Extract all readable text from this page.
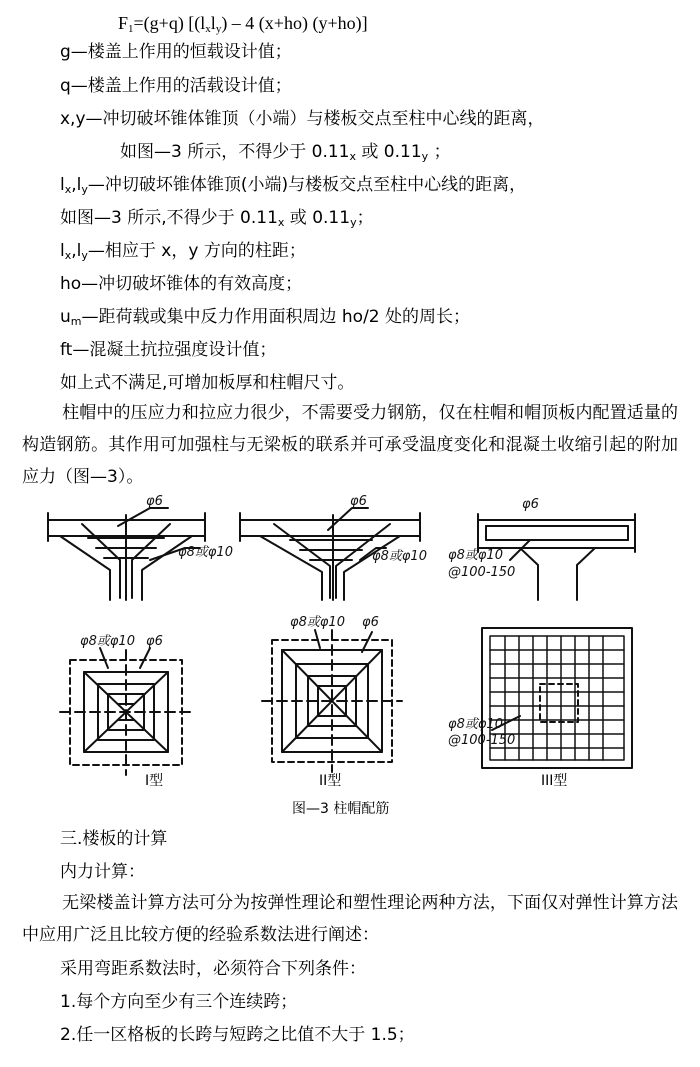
$F_1=(g+q)$ [$(l_xl_y) - 4$ (x+ho) (y+ho)]
g—楼盖上作用的恒载设计值；
q—楼盖上作用的活载设计值；
x,y—冲切破坏锥体锥顶（小端）与楼板交点至柱中心线的距离，
如图—3 所示，不得少于 $0.11_x$ 或 $0.11_y$ ；
$l_x,l_y—$冲切破坏锥体锥顶(小端)与楼板交点至柱中心线的距离，
如图—3 所示,不得少于 $0.11_x$ 或 $0.11_y$；
$l_x,l_y—$相应于 x，y 方向的柱距；
ho—冲切破坏锥体的有效高度；
$u_m—$距荷载或集中反力作用面积周边 ho/2 处的周长；
ft—混凝土抗拉强度设计值；
如上式不满足,可增加板厚和柱帽尺寸。
柱帽中的压应力和拉应力很少，不需要受力钢筋，仅在柱帽和帽顶板内配置适量的构造钢筋。其作用可加强柱与无梁板的联系并可承受温度变化和混凝土收缩引起的附加应力（图—3）。
φ6
φ8或φ10
φ6
φ8或φ10
φ6
φ8或φ10
@100-150
φ8或φ10 φ6
φ8或φ10 φ6
φ8或φ10
@100-150
I型	II型	III型
图—3 柱帽配筋
三.楼板的计算
内力计算：
无梁楼盖计算方法可分为按弹性理论和塑性理论两种方法，下面仅对弹性计算方法中应用广泛且比较方便的经验系数法进行阐述：
采用弯距系数法时，必须符合下列条件：
1.每个方向至少有三个连续跨；
2.任一区格板的长跨与短跨之比值不大于 1.5；
